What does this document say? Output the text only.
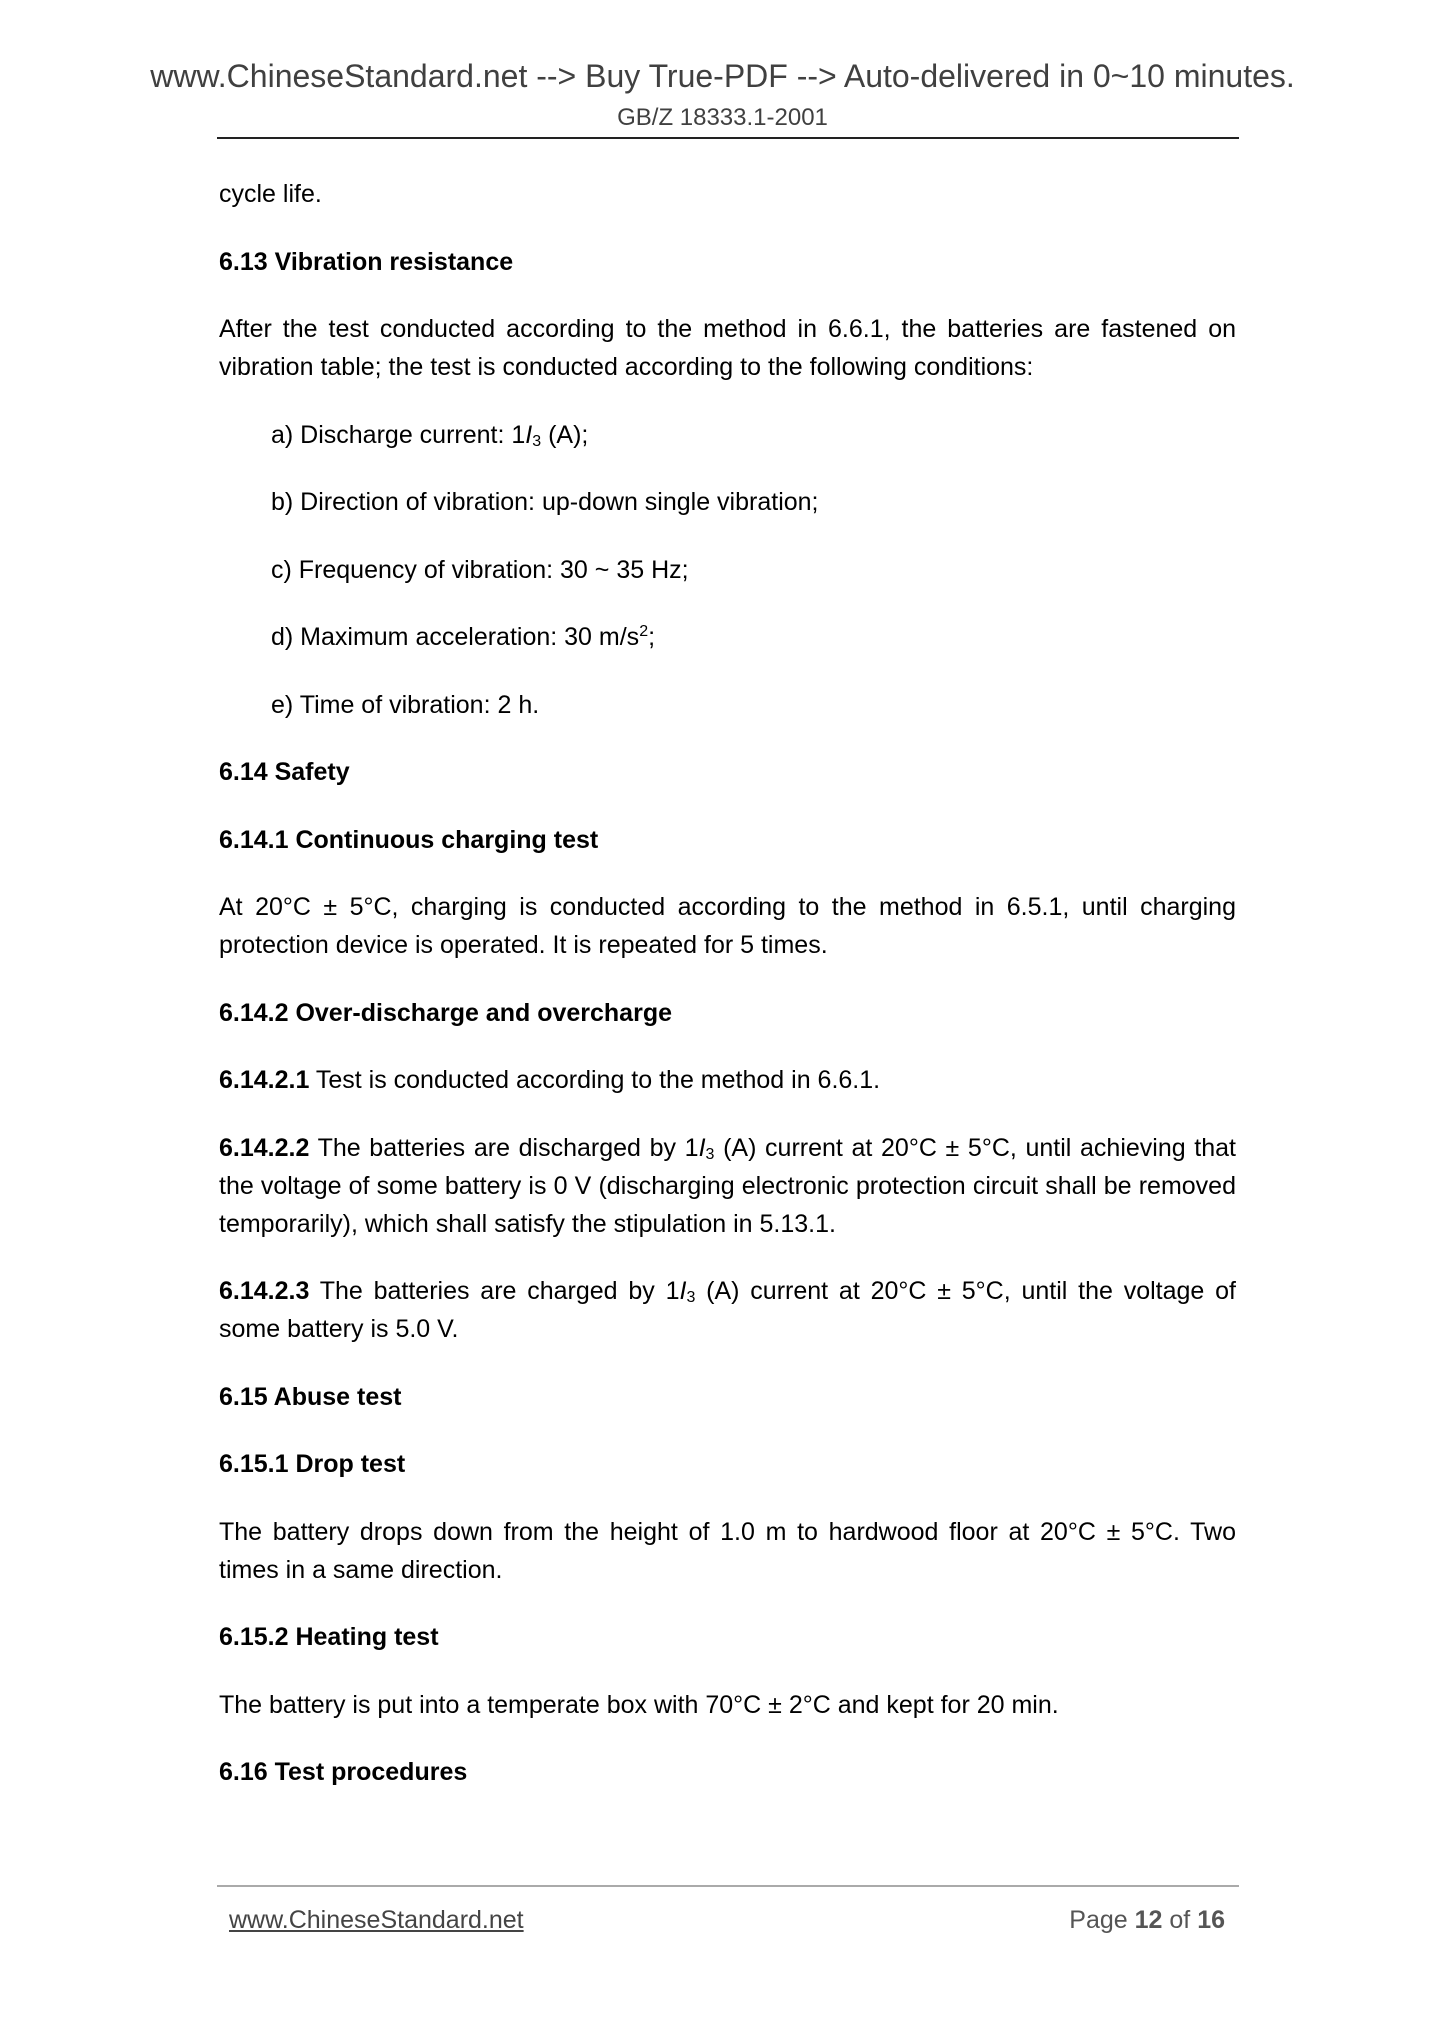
www.ChineseStandard.net --> Buy True-PDF --> Auto-delivered in 0~10 minutes.
GB/Z 18333.1-2001
cycle life.
6.13 Vibration resistance
After the test conducted according to the method in 6.6.1, the batteries are fastened on vibration table; the test is conducted according to the following conditions:
a) Discharge current: $1I_3$ (A);
b) Direction of vibration: up-down single vibration;
c) Frequency of vibration: 30 ~ 35 Hz;
d) Maximum acceleration: 30 $m/s^2$;
e) Time of vibration: 2 h.
6.14 Safety
6.14.1 Continuous charging test
At 20°C ± 5°C, charging is conducted according to the method in 6.5.1, until charging protection device is operated. It is repeated for 5 times.
6.14.2 Over-discharge and overcharge
6.14.2.1 Test is conducted according to the method in 6.6.1.
6.14.2.2 The batteries are discharged by $1I_3$ (A) current at 20°C ± 5°C, until achieving that the voltage of some battery is 0 V (discharging electronic protection circuit shall be removed temporarily), which shall satisfy the stipulation in 5.13.1.
6.14.2.3 The batteries are charged by $1I_3$ (A) current at 20°C ± 5°C, until the voltage of some battery is 5.0 V.
6.15 Abuse test
6.15.1 Drop test
The battery drops down from the height of 1.0 m to hardwood floor at 20°C ± 5°C. Two times in a same direction.
6.15.2 Heating test
The battery is put into a temperate box with 70°C ± 2°C and kept for 20 min.
6.16 Test procedures
www.ChineseStandard.net	Page 12 of 16
